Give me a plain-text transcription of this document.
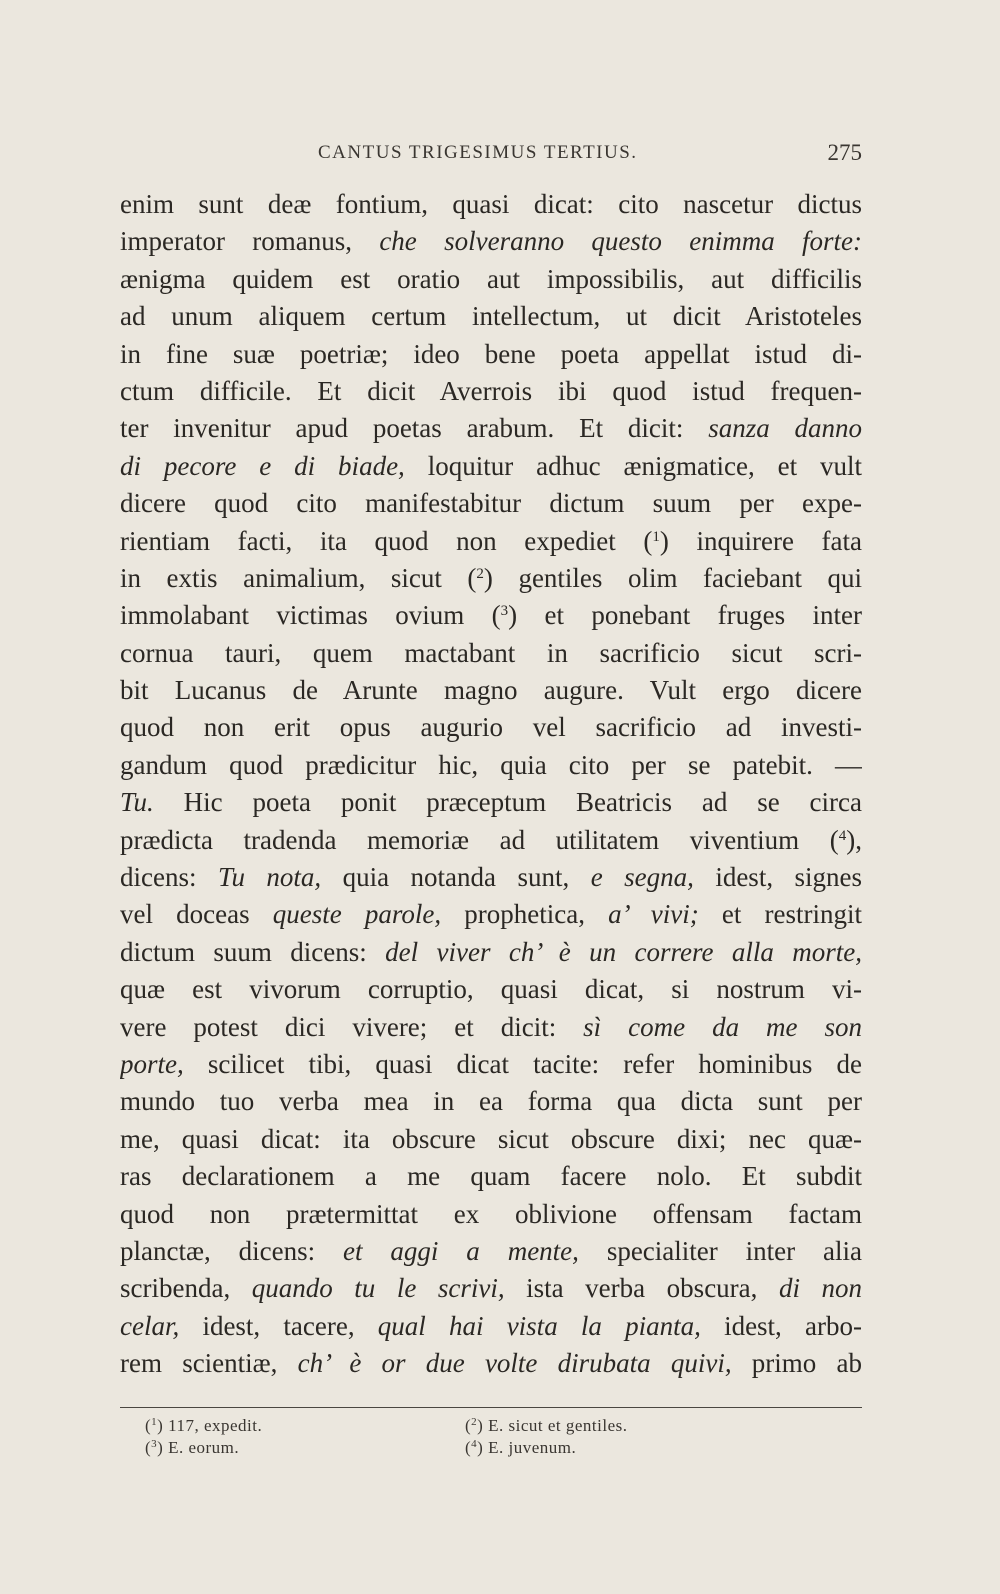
CANTUS TRIGESIMUS TERTIUS.	275
enim sunt deæ fontium, quasi dicat: cito nascetur dictus
imperator romanus, che solveranno questo enimma forte:
ænigma quidem est oratio aut impossibilis, aut difficilis
ad unum aliquem certum intellectum, ut dicit Aristoteles
in fine suæ poetriæ; ideo bene poeta appellat istud di-
ctum difficile. Et dicit Averrois ibi quod istud frequen-
ter invenitur apud poetas arabum. Et dicit: sanza danno
di pecore e di biade, loquitur adhuc ænigmatice, et vult
dicere quod cito manifestabitur dictum suum per expe-
rientiam facti, ita quod non expediet ($^1$) inquirere fata
in extis animalium, sicut ($^2$) gentiles olim faciebant qui
immolabant victimas ovium ($^3$) et ponebant fruges inter
cornua tauri, quem mactabant in sacrificio sicut scri-
bit Lucanus de Arunte magno augure. Vult ergo dicere
quod non erit opus augurio vel sacrificio ad investi-
gandum quod prædicitur hic, quia cito per se patebit. —
Tu. Hic poeta ponit præceptum Beatricis ad se circa
prædicta tradenda memoriæ ad utilitatem viventium ($^4$),
dicens: Tu nota, quia notanda sunt, e segna, idest, signes
vel doceas queste parole, prophetica, a’ vivi; et restringit
dictum suum dicens: del viver ch’ è un correre alla morte,
quæ est vivorum corruptio, quasi dicat, si nostrum vi-
vere potest dici vivere; et dicit: sì come da me son
porte, scilicet tibi, quasi dicat tacite: refer hominibus de
mundo tuo verba mea in ea forma qua dicta sunt per
me, quasi dicat: ita obscure sicut obscure dixi; nec quæ-
ras declarationem a me quam facere nolo. Et subdit
quod non prætermittat ex oblivione offensam factam
planctæ, dicens: et aggi a mente, specialiter inter alia
scribenda, quando tu le scrivi, ista verba obscura, di non
celar, idest, tacere, qual hai vista la pianta, idest, arbo-
rem scientiæ, ch’ è or due volte dirubata quivi, primo ab
($^1$) 117, expedit.	($^2$) E. sicut et gentiles.
($^3$) E. eorum.	($^4$) E. juvenum.
